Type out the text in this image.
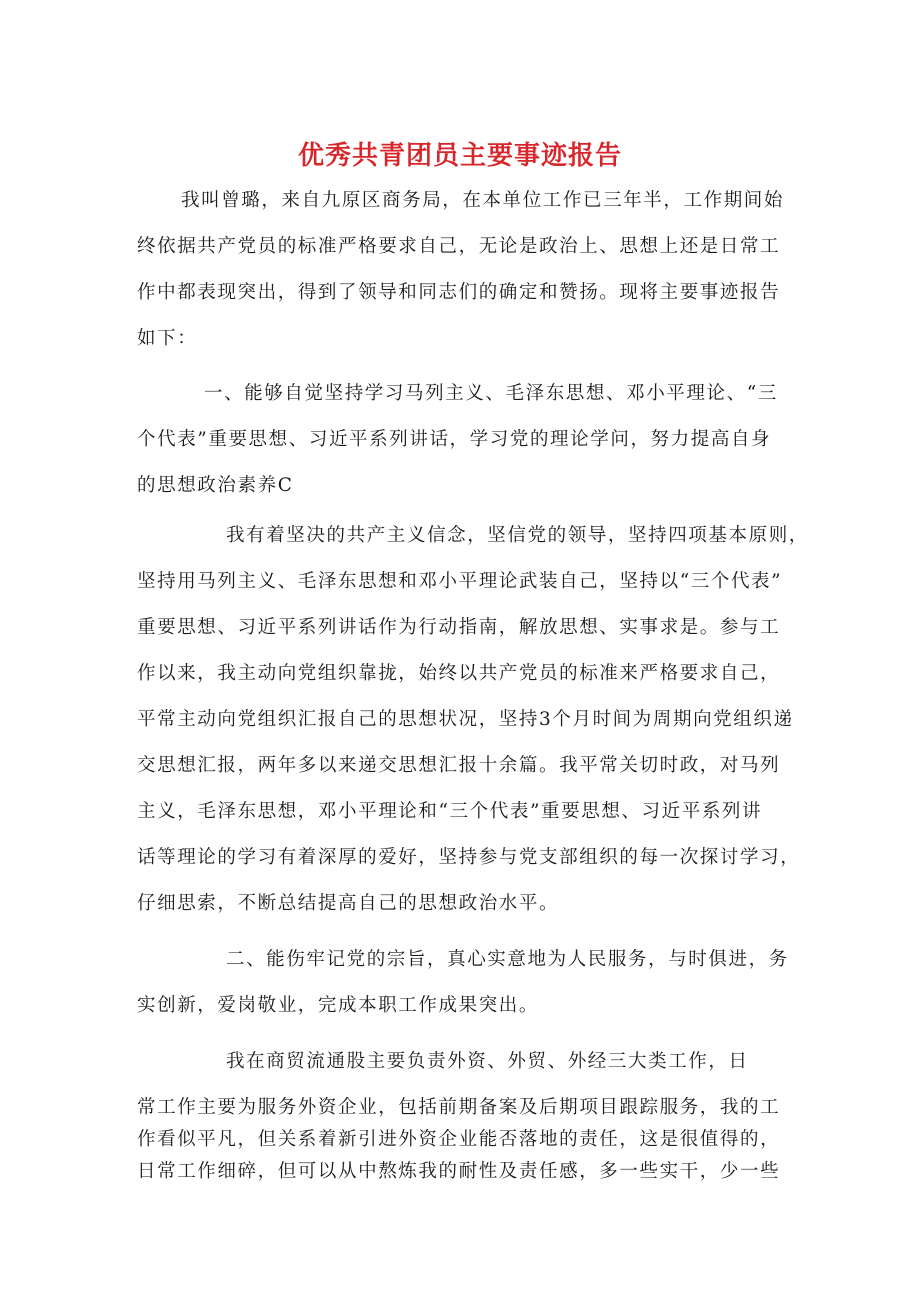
优秀共青团员主要事迹报告

我叫曾璐，来自九原区商务局，在本单位工作已三年半，工作期间始

终依据共产党员的标准严格要求自己，无论是政治上、思想上还是日常工

作中都表现突出，得到了领导和同志们的确定和赞扬。现将主要事迹报告

如下：

一、能够自觉坚持学习马列主义、毛泽东思想、邓小平理论、“三

个代表”重要思想、习近平系列讲话，学习党的理论学问，努力提高自身

的思想政治素养C

我有着坚决的共产主义信念，坚信党的领导，坚持四项基本原则，

坚持用马列主义、毛泽东思想和邓小平理论武装自己，坚持以“三个代表”

重要思想、习近平系列讲话作为行动指南，解放思想、实事求是。参与工

作以来，我主动向党组织靠拢，始终以共产党员的标准来严格要求自己，

平常主动向党组织汇报自己的思想状况，坚持3个月时间为周期向党组织递

交思想汇报，两年多以来递交思想汇报十余篇。我平常关切时政，对马列

主义，毛泽东思想，邓小平理论和“三个代表”重要思想、习近平系列讲

话等理论的学习有着深厚的爱好，坚持参与党支部组织的每一次探讨学习，

仔细思索，不断总结提高自己的思想政治水平。

二、能伤牢记党的宗旨，真心实意地为人民服务，与时俱进，务

实创新，爱岗敬业，完成本职工作成果突出。

我在商贸流通股主要负责外资、外贸、外经三大类工作，日

常工作主要为服务外资企业，包括前期备案及后期项目跟踪服务，我的工

作看似平凡，但关系着新引进外资企业能否落地的责任，这是很值得的，

日常工作细碎，但可以从中熬炼我的耐性及责任感，多一些实干，少一些
